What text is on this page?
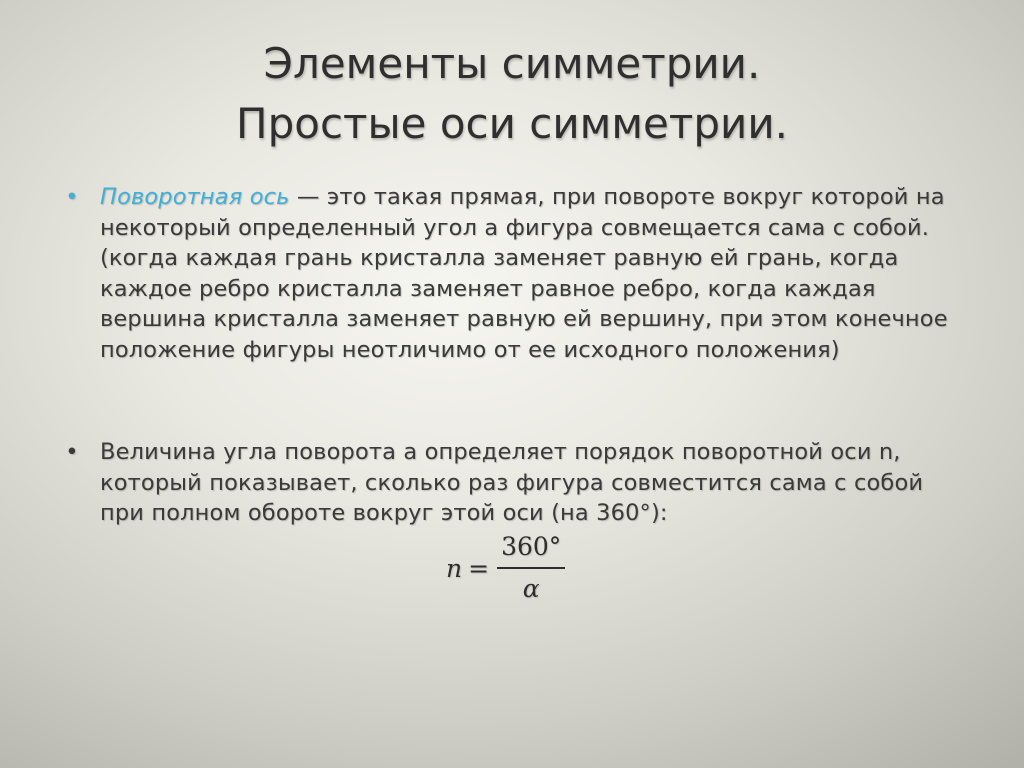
Элементы симметрии.
Простые оси симметрии.
• Поворотная ось — это такая прямая, при повороте вокруг которой на некоторый определенный угол а фигура совмещается сама с собой. (когда каждая грань кристалла заменяет равную ей грань, когда каждое ребро кристалла заменяет равное ребро, когда каждая вершина кристалла заменяет равную ей вершину, при этом конечное положение фигуры неотличимо от ее исходного положения)
• Величина угла поворота а определяет порядок поворотной оси n, который показывает, сколько раз фигура совместится сама с собой при полном обороте вокруг этой оси (на 360°):
$n = \frac{360^\circ}{\alpha}$
